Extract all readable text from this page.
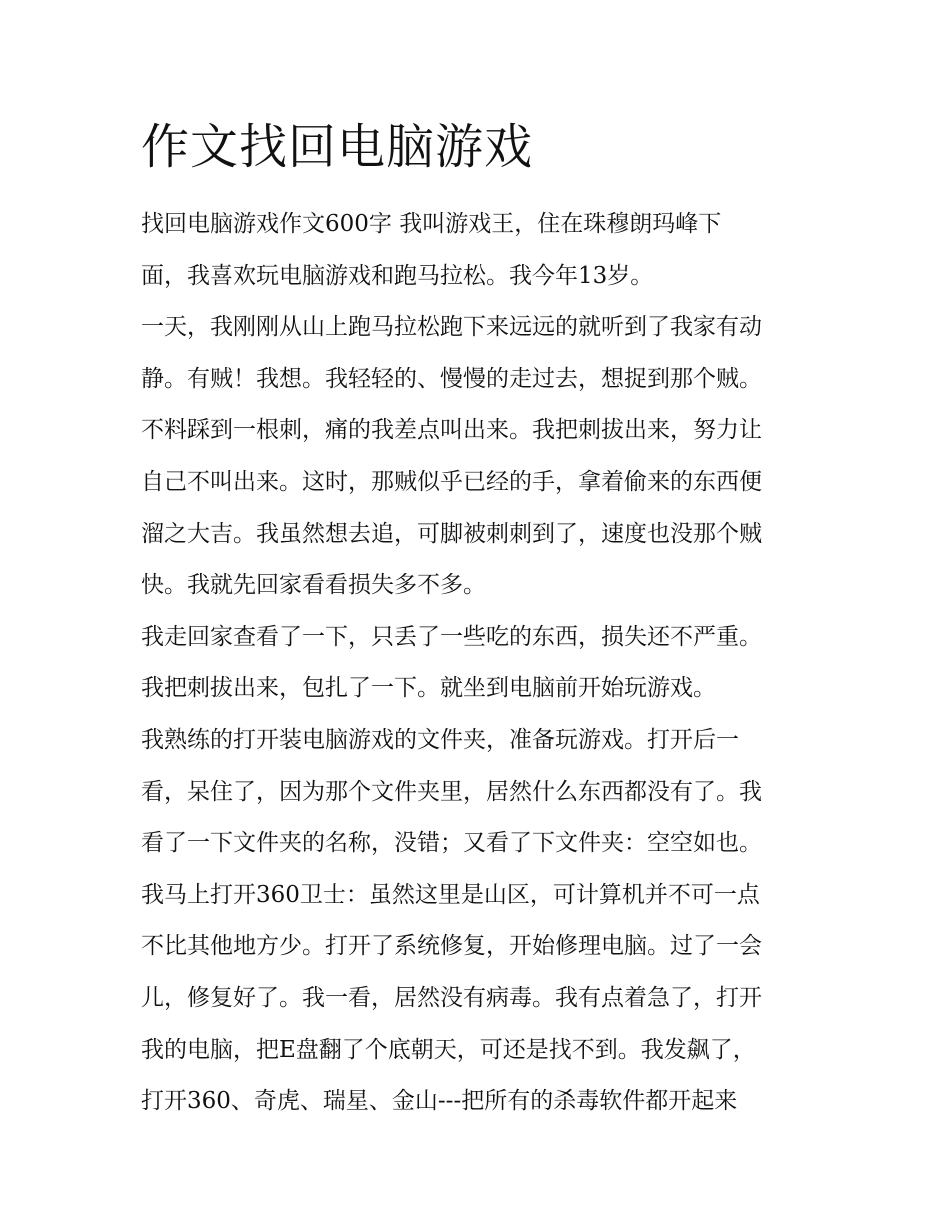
作文找回电脑游戏

找回电脑游戏作文600字 我叫游戏王，住在珠穆朗玛峰下
面，我喜欢玩电脑游戏和跑马拉松。我今年13岁。

一天，我刚刚从山上跑马拉松跑下来远远的就听到了我家有动
静。有贼！我想。我轻轻的、慢慢的走过去，想捉到那个贼。
不料踩到一根刺，痛的我差点叫出来。我把刺拔出来，努力让
自己不叫出来。这时，那贼似乎已经的手，拿着偷来的东西便
溜之大吉。我虽然想去追，可脚被刺刺到了，速度也没那个贼
快。我就先回家看看损失多不多。

我走回家查看了一下，只丢了一些吃的东西，损失还不严重。
我把刺拔出来，包扎了一下。就坐到电脑前开始玩游戏。

我熟练的打开装电脑游戏的文件夹，准备玩游戏。打开后一
看，呆住了，因为那个文件夹里，居然什么东西都没有了。我
看了一下文件夹的名称，没错；又看了下文件夹：空空如也。
我马上打开360卫士：虽然这里是山区，可计算机并不可一点
不比其他地方少。打开了系统修复，开始修理电脑。过了一会
儿，修复好了。我一看，居然没有病毒。我有点着急了，打开
我的电脑，把E盘翻了个底朝天，可还是找不到。我发飙了，
打开360、奇虎、瑞星、金山---把所有的杀毒软件都开起来
